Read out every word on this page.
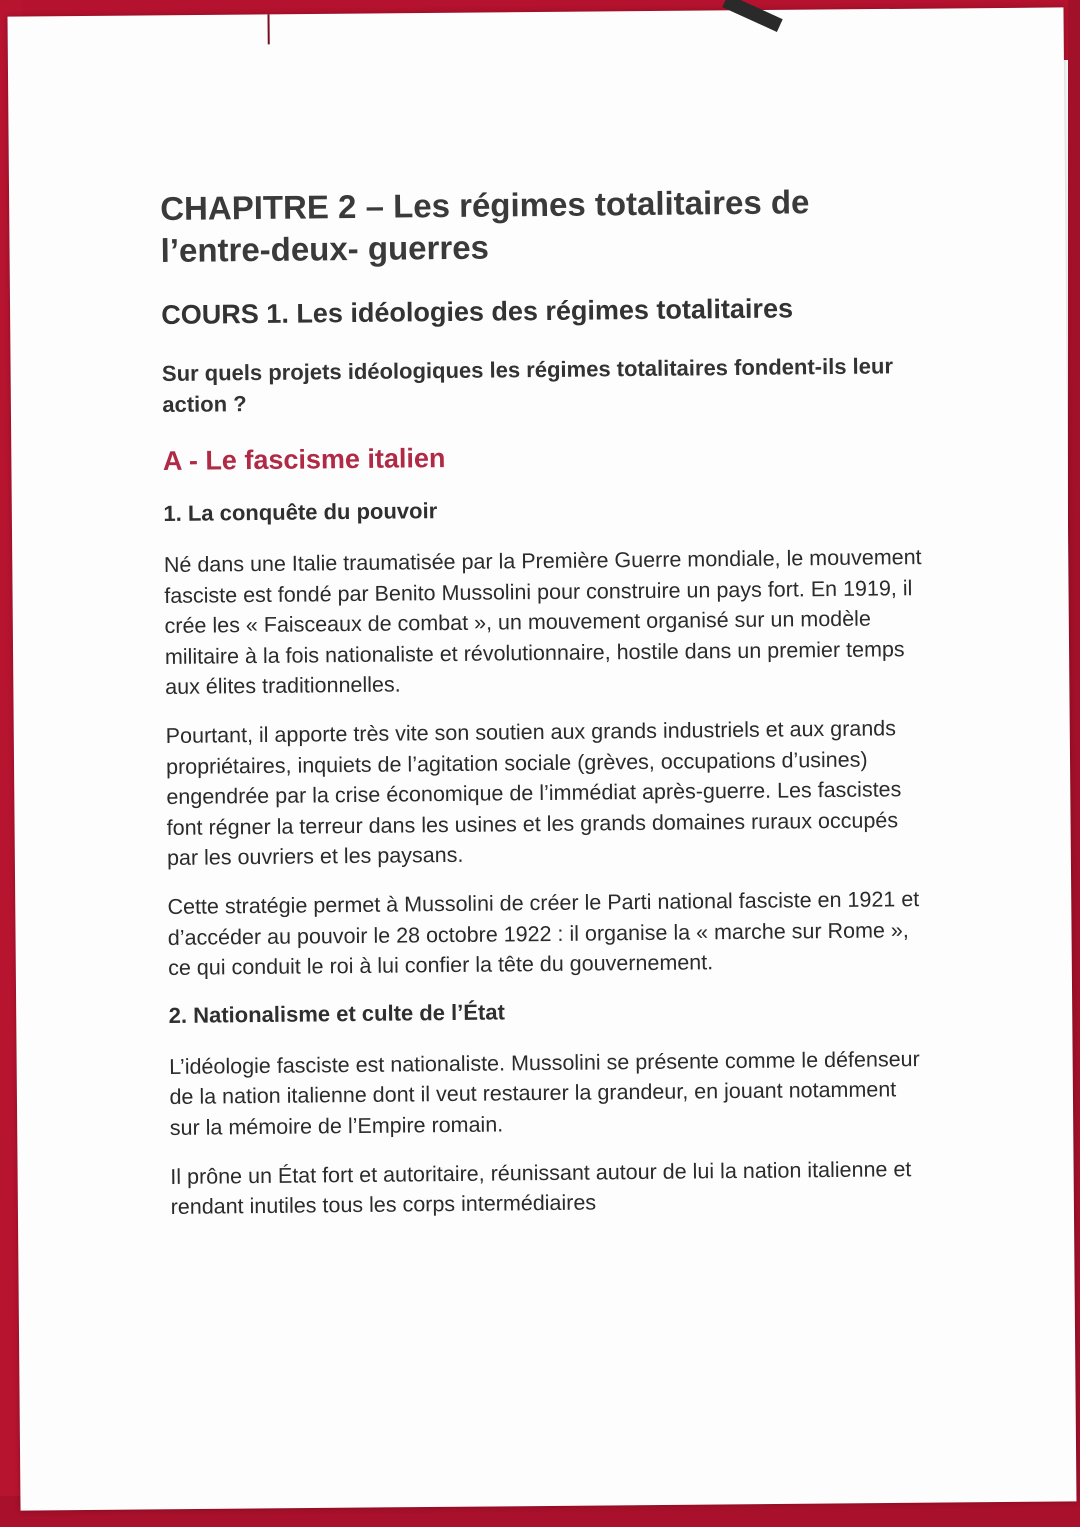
CHAPITRE 2 – Les régimes totalitaires de l’entre-deux- guerres
COURS 1. Les idéologies des régimes totalitaires
Sur quels projets idéologiques les régimes totalitaires fondent-ils leur action ?
A - Le fascisme italien
1. La conquête du pouvoir

Né dans une Italie traumatisée par la Première Guerre mondiale, le mouvement fasciste est fondé par Benito Mussolini pour construire un pays fort. En 1919, il crée les « Faisceaux de combat », un mouvement organisé sur un modèle militaire à la fois nationaliste et révolutionnaire, hostile dans un premier temps aux élites traditionnelles.

Pourtant, il apporte très vite son soutien aux grands industriels et aux grands propriétaires, inquiets de l’agitation sociale (grèves, occupations d’usines) engendrée par la crise économique de l’immédiat après-guerre. Les fascistes font régner la terreur dans les usines et les grands domaines ruraux occupés par les ouvriers et les paysans.

Cette stratégie permet à Mussolini de créer le Parti national fasciste en 1921 et d’accéder au pouvoir le 28 octobre 1922 : il organise la « marche sur Rome », ce qui conduit le roi à lui confier la tête du gouvernement.

2. Nationalisme et culte de l’État

L’idéologie fasciste est nationaliste. Mussolini se présente comme le défenseur de la nation italienne dont il veut restaurer la grandeur, en jouant notamment sur la mémoire de l’Empire romain.

Il prône un État fort et autoritaire, réunissant autour de lui la nation italienne et rendant inutiles tous les corps intermédiaires
